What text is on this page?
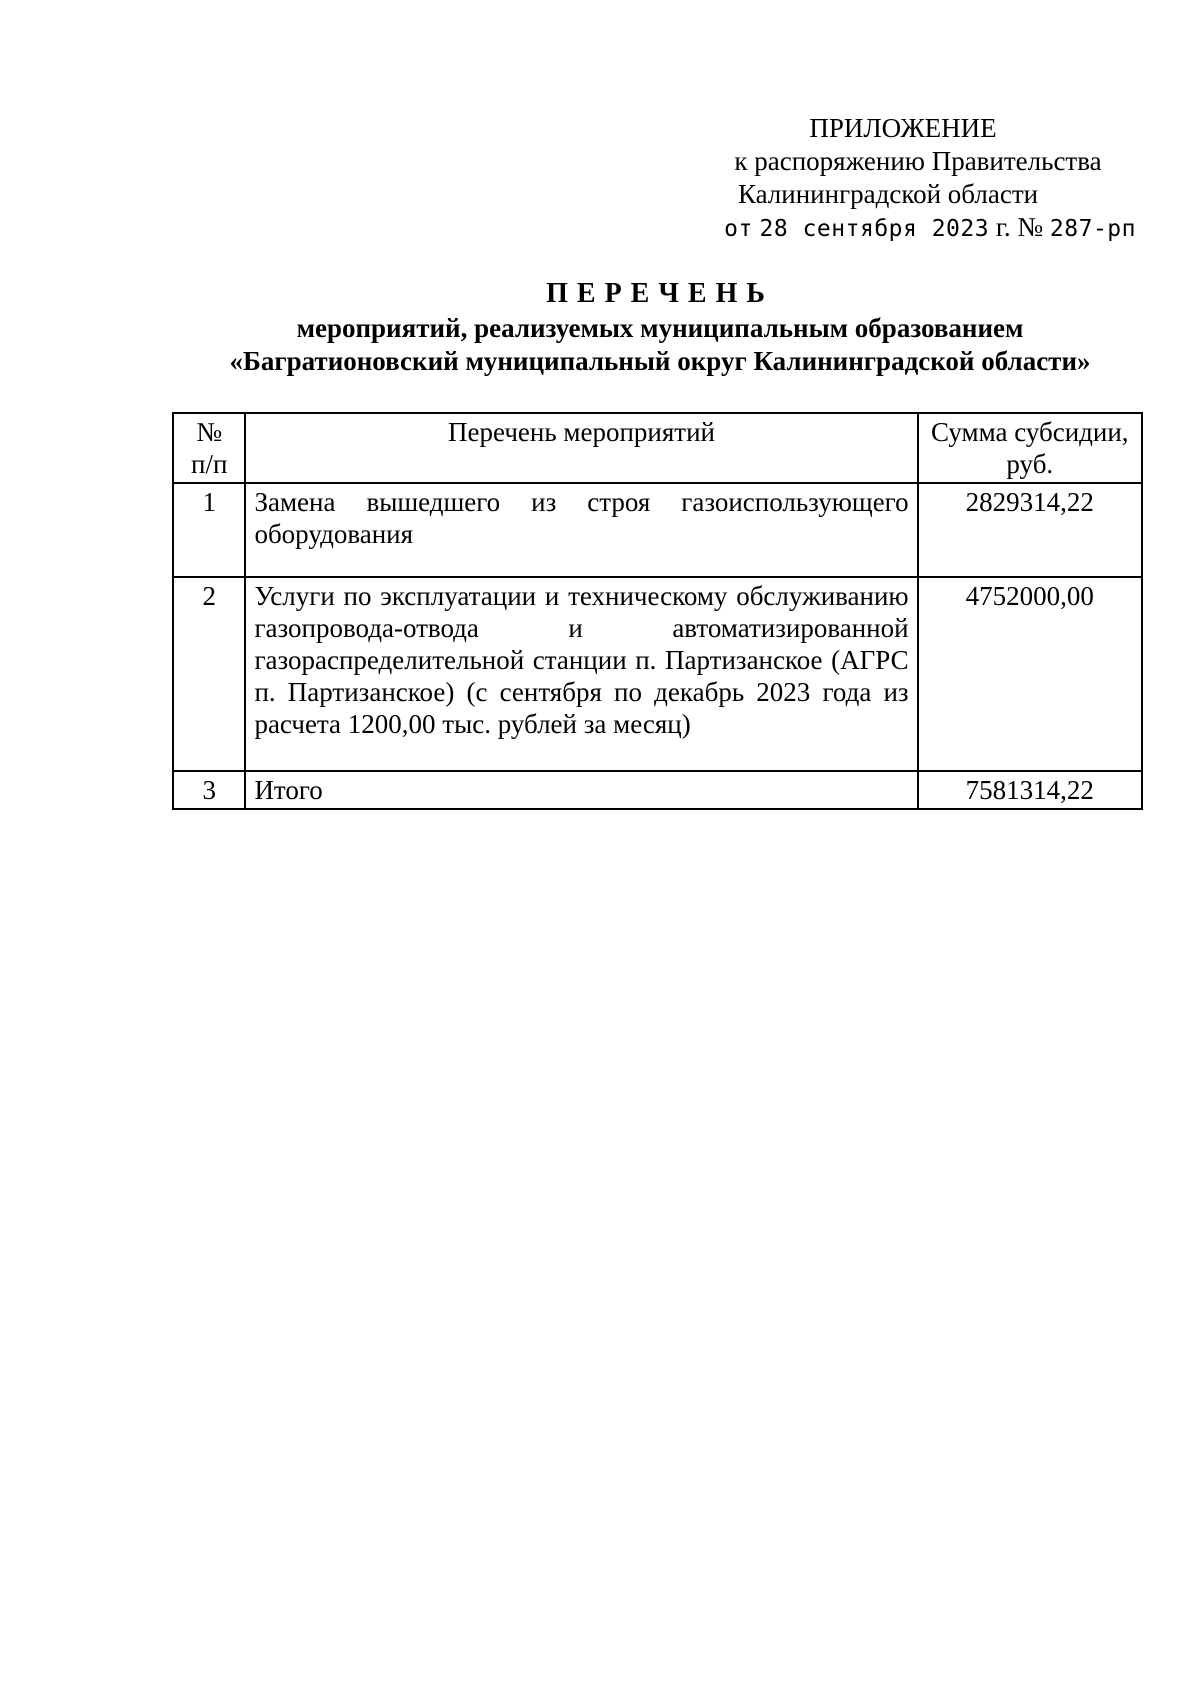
ПРИЛОЖЕНИЕ
к распоряжению Правительства
Калининградской области
от 28 сентября 2023 г. № 287-рп
ПЕРЕЧЕНЬ
мероприятий, реализуемых муниципальным образованием
«Багратионовский муниципальный округ Калининградской области»
№ п/п	Перечень мероприятий	Сумма субсидии, руб.
1	Замена вышедшего из строя газоиспользующего оборудования	2829314,22
2	Услуги по эксплуатации и техническому обслуживанию газопровода-отвода и автоматизированной газораспределительной станции п. Партизанское (АГРС п. Партизанское) (с сентября по декабрь 2023 года из расчета 1200,00 тыс. рублей за месяц)	4752000,00
3	Итого	7581314,22
